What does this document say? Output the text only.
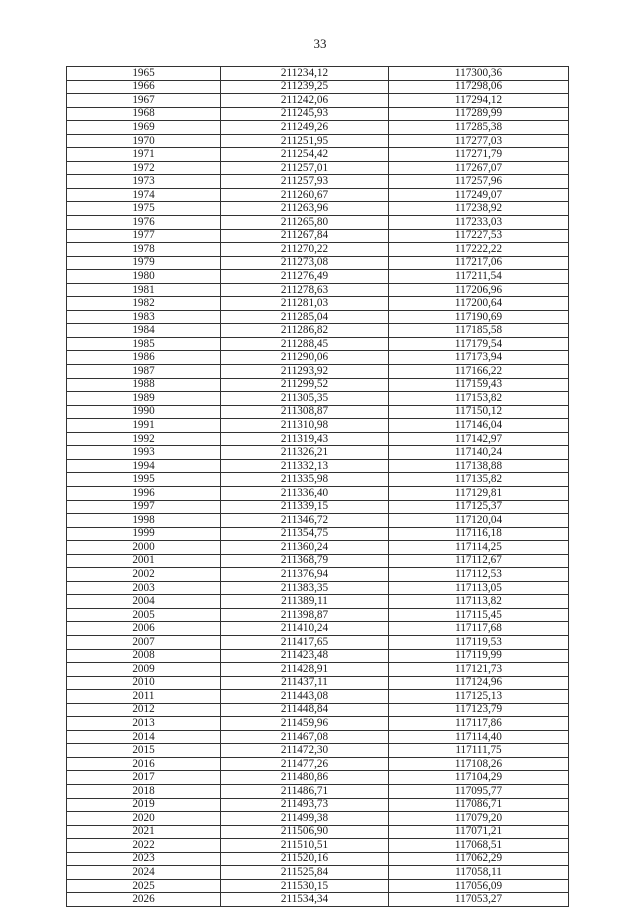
33
1965	211234,12	117300,36
1966	211239,25	117298,06
1967	211242,06	117294,12
1968	211245,93	117289,99
1969	211249,26	117285,38
1970	211251,95	117277,03
1971	211254,42	117271,79
1972	211257,01	117267,07
1973	211257,93	117257,96
1974	211260,67	117249,07
1975	211263,96	117238,92
1976	211265,80	117233,03
1977	211267,84	117227,53
1978	211270,22	117222,22
1979	211273,08	117217,06
1980	211276,49	117211,54
1981	211278,63	117206,96
1982	211281,03	117200,64
1983	211285,04	117190,69
1984	211286,82	117185,58
1985	211288,45	117179,54
1986	211290,06	117173,94
1987	211293,92	117166,22
1988	211299,52	117159,43
1989	211305,35	117153,82
1990	211308,87	117150,12
1991	211310,98	117146,04
1992	211319,43	117142,97
1993	211326,21	117140,24
1994	211332,13	117138,88
1995	211335,98	117135,82
1996	211336,40	117129,81
1997	211339,15	117125,37
1998	211346,72	117120,04
1999	211354,75	117116,18
2000	211360,24	117114,25
2001	211368,79	117112,67
2002	211376,94	117112,53
2003	211383,35	117113,05
2004	211389,11	117113,82
2005	211398,87	117115,45
2006	211410,24	117117,68
2007	211417,65	117119,53
2008	211423,48	117119,99
2009	211428,91	117121,73
2010	211437,11	117124,96
2011	211443,08	117125,13
2012	211448,84	117123,79
2013	211459,96	117117,86
2014	211467,08	117114,40
2015	211472,30	117111,75
2016	211477,26	117108,26
2017	211480,86	117104,29
2018	211486,71	117095,77
2019	211493,73	117086,71
2020	211499,38	117079,20
2021	211506,90	117071,21
2022	211510,51	117068,51
2023	211520,16	117062,29
2024	211525,84	117058,11
2025	211530,15	117056,09
2026	211534,34	117053,27
